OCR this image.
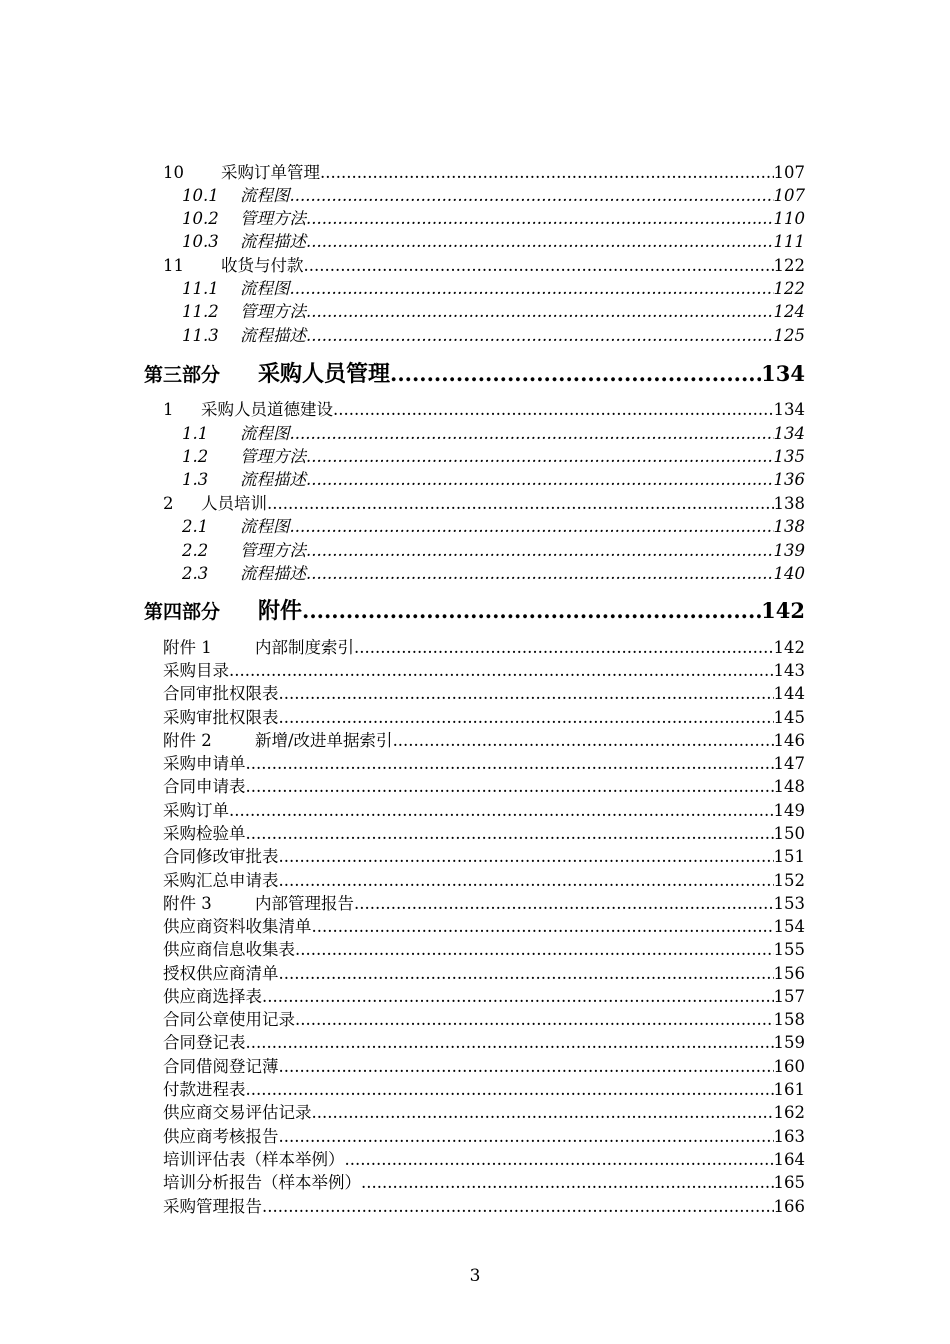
10	采购订单管理 .....	107
10.1	流程图 .....	107
10.2	管理方法 .....	110
10.3	流程描述 .....	111
11	收货与付款 .....	122
11.1	流程图 .....	122
11.2	管理方法 .....	124
11.3	流程描述 .....	125
第三部分	采购人员管理 .....	134
1	采购人员道德建设 .....	134
1.1	流程图 .....	134
1.2	管理方法 .....	135
1.3	流程描述 .....	136
2	人员培训 .....	138
2.1	流程图 .....	138
2.2	管理方法 .....	139
2.3	流程描述 .....	140
第四部分	附件 .....	142
附件 1	内部制度索引 .....	142
采购目录 .....	143
合同审批权限表 .....	144
采购审批权限表 .....	145
附件 2	新增/改进单据索引 .....	146
采购申请单 .....	147
合同申请表 .....	148
采购订单 .....	149
采购检验单 .....	150
合同修改审批表 .....	151
采购汇总申请表 .....	152
附件 3	内部管理报告 .....	153
供应商资料收集清单 .....	154
供应商信息收集表 .....	155
授权供应商清单 .....	156
供应商选择表 .....	157
合同公章使用记录 .....	158
合同登记表 .....	159
合同借阅登记薄 .....	160
付款进程表 .....	161
供应商交易评估记录 .....	162
供应商考核报告 .....	163
培训评估表（样本举例） .....	164
培训分析报告（样本举例） .....	165
采购管理报告 .....	166
3
